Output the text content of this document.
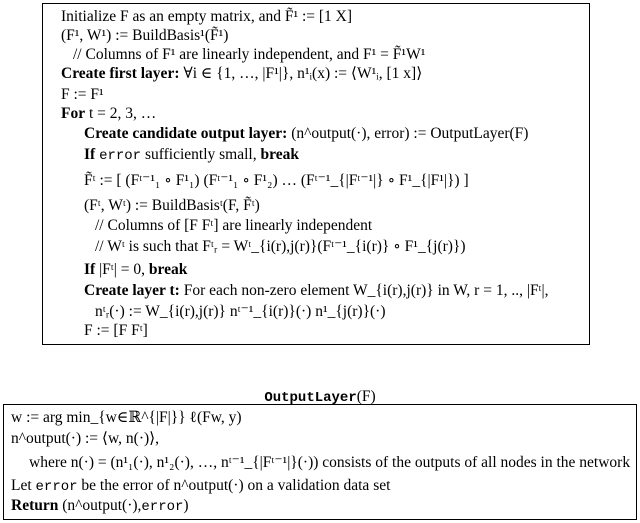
Initialize F as an empty matrix, and F̃¹ := [1 X]
(F¹, W¹) := BuildBasis¹(F̃¹)
// Columns of F¹ are linearly independent, and F¹ = F̃¹W¹
Create first layer: ∀i ∈ {1, …, |F¹|}, n¹ᵢ(x) := ⟨W¹ᵢ, [1 x]⟩
F := F¹
For t = 2, 3, …
Create candidate output layer: (n^output(·), error) := OutputLayer(F)
If error sufficiently small, break
F̃ᵗ := [ (Fᵗ⁻¹₁ ∘ F¹₁) (Fᵗ⁻¹₁ ∘ F¹₂) … (Fᵗ⁻¹_{|Fᵗ⁻¹|} ∘ F¹_{|F¹|}) ]
(Fᵗ, Wᵗ) := BuildBasisᵗ(F, F̃ᵗ)
// Columns of [F Fᵗ] are linearly independent
// Wᵗ is such that Fᵗᵣ = Wᵗ_{i(r),j(r)}(Fᵗ⁻¹_{i(r)} ∘ F¹_{j(r)})
If |Fᵗ| = 0, break
Create layer t: For each non-zero element W_{i(r),j(r)} in W, r = 1, .., |Fᵗ|,
nᵗᵣ(·) := W_{i(r),j(r)} nᵗ⁻¹_{i(r)}(·) n¹_{j(r)}(·)
F := [F Fᵗ]
OutputLayer(F)
w := arg min_{w∈ℝ^{|F|}} ℓ(Fw, y)
n^output(·) := ⟨w, n(·)⟩,
where n(·) = (n¹₁(·), n¹₂(·), …, nᵗ⁻¹_{|Fᵗ⁻¹|}(·)) consists of the outputs of all nodes in the network
Let error be the error of n^output(·) on a validation data set
Return (n^output(·),error)
